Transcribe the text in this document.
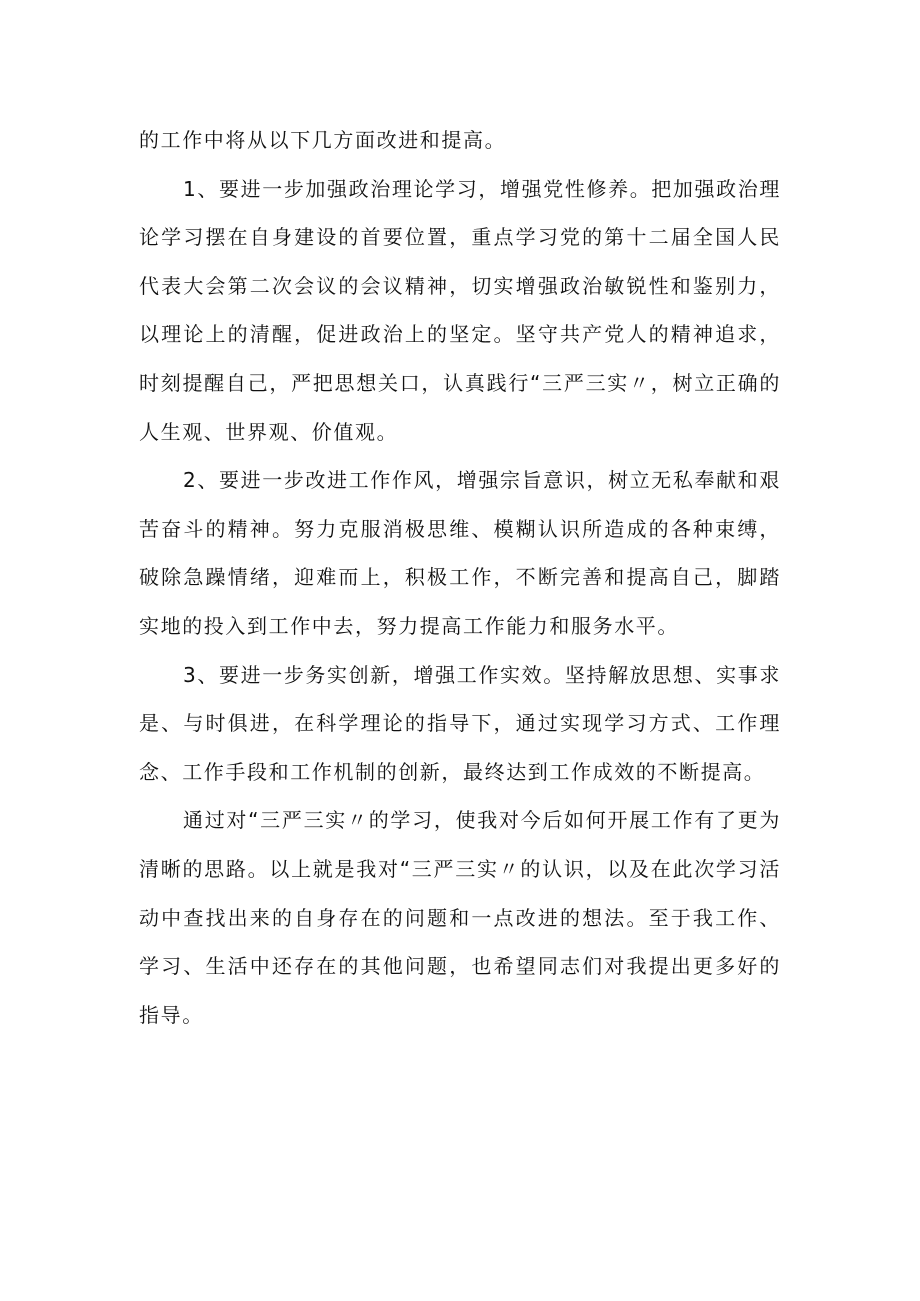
的工作中将从以下几方面改进和提高。

1、要进一步加强政治理论学习，增强党性修养。把加强政治理论学习摆在自身建设的首要位置，重点学习党的第十二届全国人民代表大会第二次会议的会议精神，切实增强政治敏锐性和鉴别力，以理论上的清醒，促进政治上的坚定。坚守共产党人的精神追求，时刻提醒自己，严把思想关口，认真践行“三严三实〃，树立正确的人生观、世界观、价值观。

2、要进一步改进工作作风，增强宗旨意识，树立无私奉献和艰苦奋斗的精神。努力克服消极思维、模糊认识所造成的各种束缚，破除急躁情绪，迎难而上，积极工作，不断完善和提高自己，脚踏实地的投入到工作中去，努力提高工作能力和服务水平。

3、要进一步务实创新，增强工作实效。坚持解放思想、实事求是、与时俱进，在科学理论的指导下，通过实现学习方式、工作理念、工作手段和工作机制的创新，最终达到工作成效的不断提高。

通过对“三严三实〃的学习，使我对今后如何开展工作有了更为清晰的思路。以上就是我对“三严三实〃的认识，以及在此次学习活动中查找出来的自身存在的问题和一点改进的想法。至于我工作、学习、生活中还存在的其他问题，也希望同志们对我提出更多好的指导。
